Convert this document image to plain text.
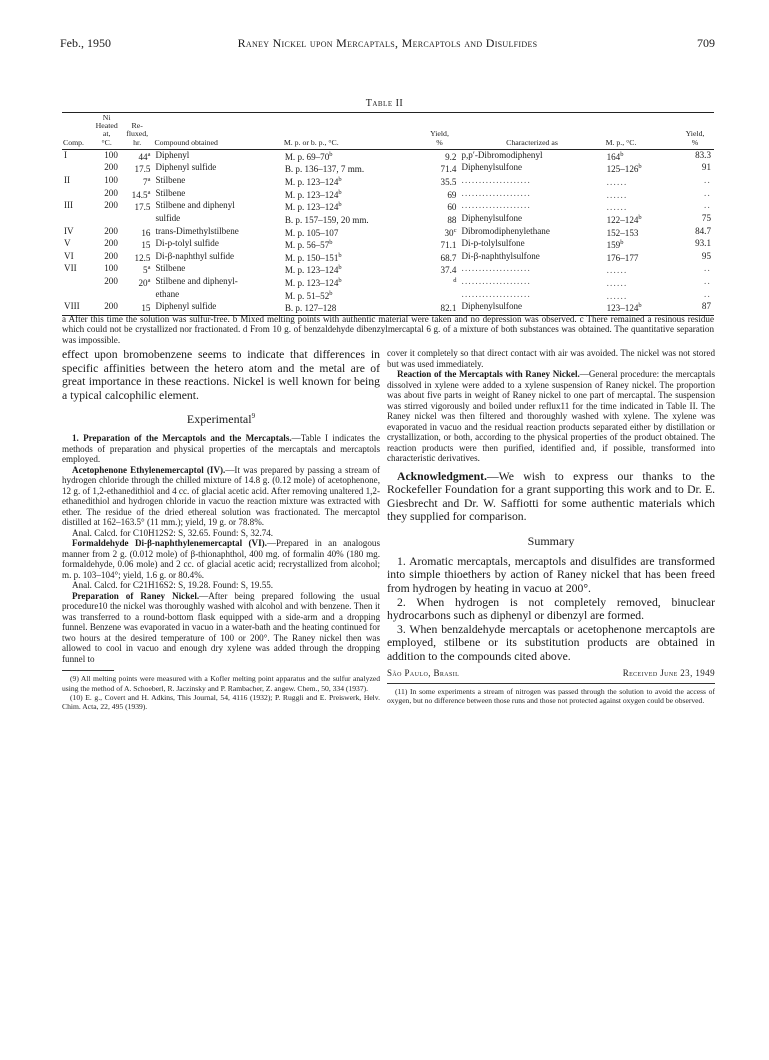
Feb., 1950	Raney Nickel upon Mercaptals, Mercaptols and Disulfides	709
Table II
Comp.	Ni Heated
at,
°C.	Re-
fluxed,
hr.	Compound obtained	M. p. or b. p., °C.	Yield,
%	Characterized as	M. p., °C.	Yield,
%
I	100	44$^a$	Diphenyl	M. p. 69–70$^b$	9.2	p,p′-Dibromodiphenyl	164$^b$	83.3
	200	17.5	Diphenyl sulfide	B. p. 136–137, 7 mm.	71.4	Diphenylsulfone	125–126$^b$	91
II	100	7$^a$	Stilbene	M. p. 123–124$^b$	35.5	....................	......	..
	200	14.5$^a$	Stilbene	M. p. 123–124$^b$	69	....................	......	..
III	200	17.5	Stilbene and diphenyl	M. p. 123–124$^b$	60	....................	......	..
			sulfide	B. p. 157–159, 20 mm.	88	Diphenylsulfone	122–124$^b$	75
IV	200	16	trans-Dimethylstilbene	M. p. 105–107	30$^c$	Dibromodiphenylethane	152–153	84.7
V	200	15	Di-p-tolyl sulfide	M. p. 56–57$^b$	71.1	Di-p-tolylsulfone	159$^b$	93.1
VI	200	12.5	Di-β-naphthyl sulfide	M. p. 150–151$^b$	68.7	Di-β-naphthylsulfone	176–177	95
VII	100	5$^a$	Stilbene	M. p. 123–124$^b$	37.4	....................	......	..
	200	20$^a$	Stilbene and diphenyl-	M. p. 123–124$^b$	$^d$	....................	......	..
			ethane	M. p. 51–52$^b$		....................	......	..
VIII	200	15	Diphenyl sulfide	B. p. 127–128	82.1	Diphenylsulfone	123–124$^b$	87
a After this time the solution was sulfur-free. b Mixed melting points with authentic material were taken and no depression was observed. c There remained a resinous residue which could not be crystallized nor fractionated. d From 10 g. of benzaldehyde dibenzylmercaptal 6 g. of a mixture of both substances was obtained. The quantitative separation was impossible.

effect upon bromobenzene seems to indicate that differences in specific affinities between the hetero atom and the metal are of great importance in these reactions. Nickel is well known for being a typical calcophilic element.

Experimental$^9$

1. Preparation of the Mercaptols and the Mercaptals.—Table I indicates the methods of preparation and physical properties of the mercaptals and mercaptols employed.

Acetophenone Ethylenemercaptol (IV).—It was prepared by passing a stream of hydrogen chloride through the chilled mixture of 14.8 g. (0.12 mole) of acetophenone, 12 g. of 1,2-ethanedithiol and 4 cc. of glacial acetic acid. After removing unaltered 1,2-ethanedithiol and hydrogen chloride in vacuo the reaction mixture was extracted with ether. The residue of the dried ethereal solution was fractionated. The mercaptol distilled at 162–163.5° (11 mm.); yield, 19 g. or 78.8%.

Anal. Calcd. for C10H12S2: S, 32.65. Found: S, 32.74.

Formaldehyde Di-β-naphthylenemercaptal (VI).—Prepared in an analogous manner from 2 g. (0.012 mole) of β-thionaphthol, 400 mg. of formalin 40% (180 mg. formaldehyde, 0.06 mole) and 2 cc. of glacial acetic acid; recrystallized from alcohol; m. p. 103–104°; yield, 1.6 g. or 80.4%.

Anal. Calcd. for C21H16S2: S, 19.28. Found: S, 19.55.

Preparation of Raney Nickel.—After being prepared following the usual procedure10 the nickel was thoroughly washed with alcohol and with benzene. Then it was transferred to a round-bottom flask equipped with a side-arm and a dropping funnel. Benzene was evaporated in vacuo in a water-bath and the heating continued for two hours at the desired temperature of 100 or 200°. The Raney nickel then was allowed to cool in vacuo and enough dry xylene was added through the dropping funnel to

(9) All melting points were measured with a Kofler melting point apparatus and the sulfur analyzed using the method of A. Schoeberl, R. Jaczinsky and P. Rambacher, Z. angew. Chem., 50, 334 (1937).

(10) E. g., Covert and H. Adkins, This Journal, 54, 4116 (1932); P. Ruggli and E. Preiswerk, Helv. Chim. Acta, 22, 495 (1939).

cover it completely so that direct contact with air was avoided. The nickel was not stored but was used immediately.

Reaction of the Mercaptals with Raney Nickel.—General procedure: the mercaptals dissolved in xylene were added to a xylene suspension of Raney nickel. The proportion was about five parts in weight of Raney nickel to one part of mercaptal. The suspension was stirred vigorously and boiled under reflux11 for the time indicated in Table II. The Raney nickel was then filtered and thoroughly washed with xylene. The xylene was evaporated in vacuo and the residual reaction products separated either by distillation or crystallization, or both, according to the physical properties of the product obtained. The reaction products were then purified, identified and, if possible, transformed into characteristic derivatives.

Acknowledgment.—We wish to express our thanks to the Rockefeller Foundation for a grant supporting this work and to Dr. E. Giesbrecht and Dr. W. Saffiotti for some authentic materials which they supplied for comparison.

Summary

1. Aromatic mercaptals, mercaptols and disulfides are transformed into simple thioethers by action of Raney nickel that has been freed from hydrogen by heating in vacuo at 200°.

2. When hydrogen is not completely removed, binuclear hydrocarbons such as diphenyl or dibenzyl are formed.

3. When benzaldehyde mercaptals or acetophenone mercaptols are employed, stilbene or its substitution products are obtained in addition to the compounds cited above.

São Paulo, Brasil	Received June 23, 1949

(11) In some experiments a stream of nitrogen was passed through the solution to avoid the access of oxygen, but no difference between those runs and those not protected against oxygen could be observed.
